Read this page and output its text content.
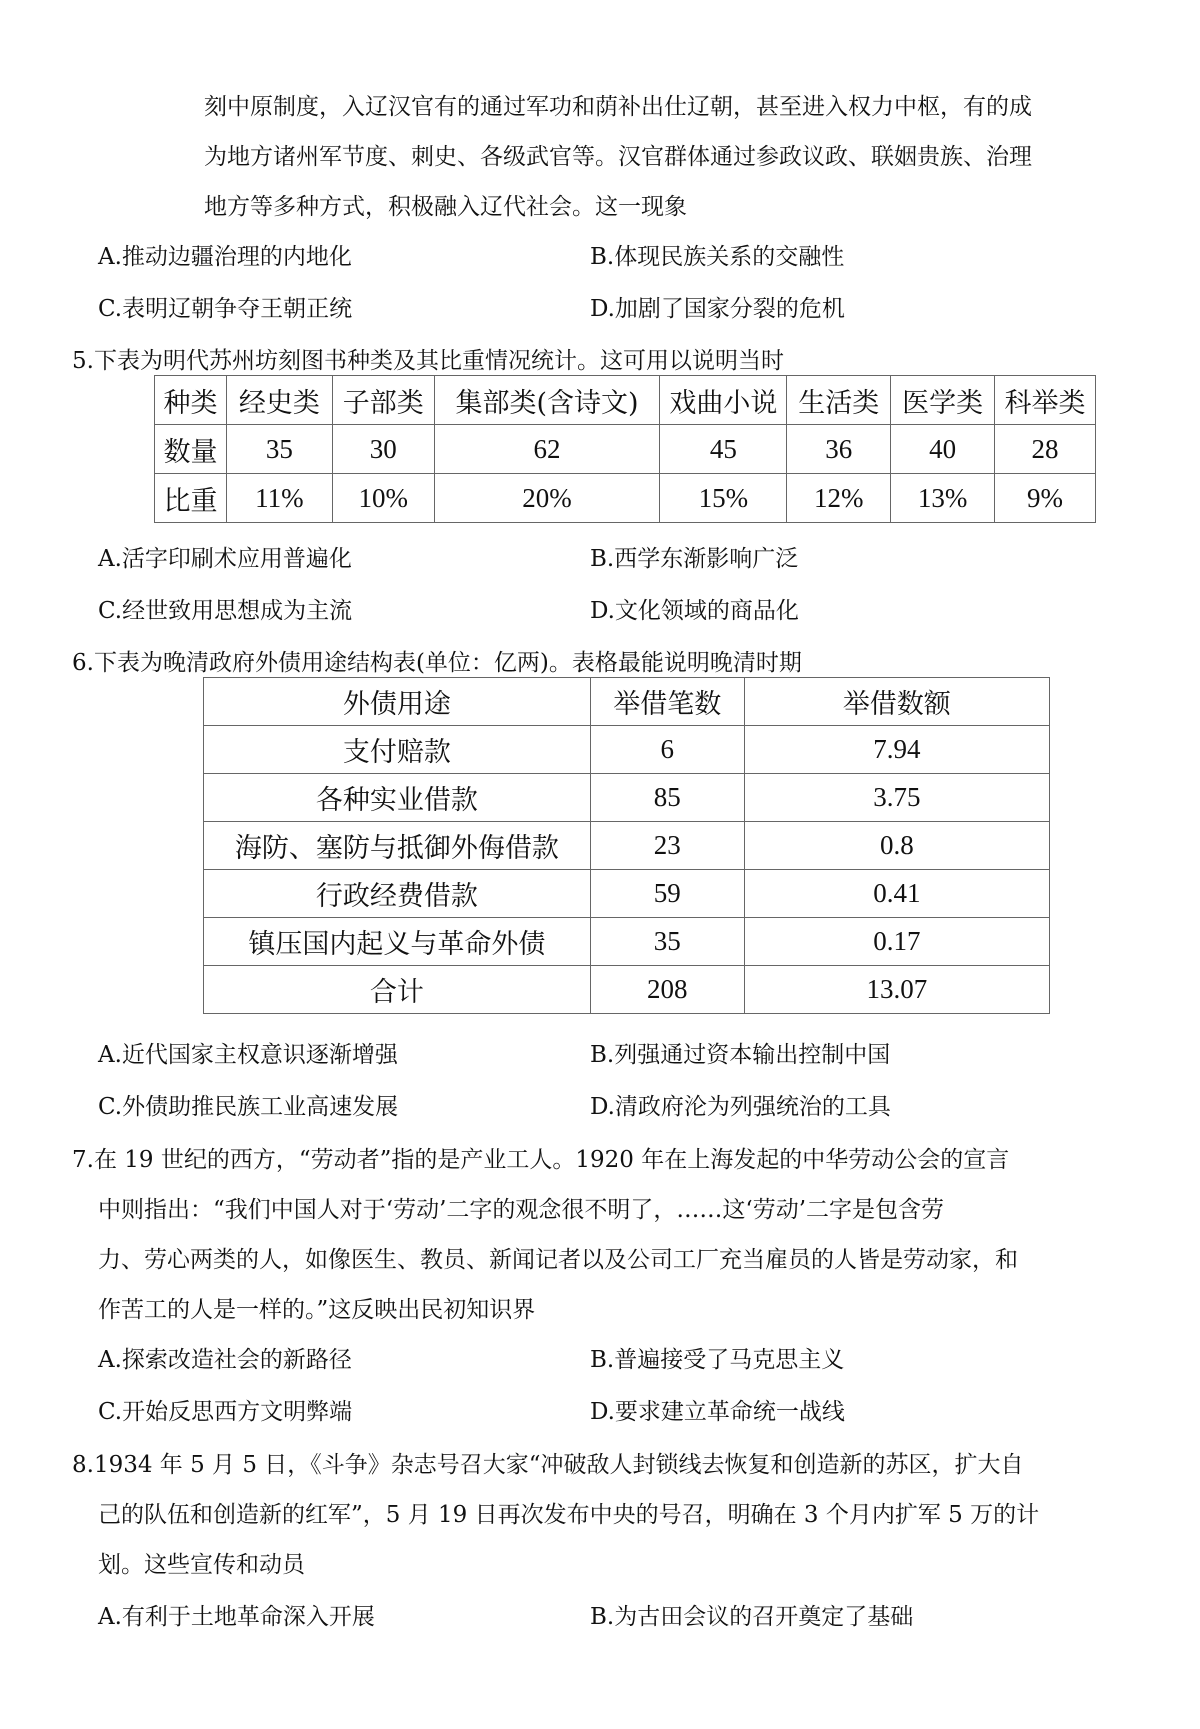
刻中原制度，入辽汉官有的通过军功和荫补出仕辽朝，甚至进入权力中枢，有的成
为地方诸州军节度、刺史、各级武官等。汉官群体通过参政议政、联姻贵族、治理
地方等多种方式，积极融入辽代社会。这一现象
A.推动边疆治理的内地化	B.体现民族关系的交融性
C.表明辽朝争夺王朝正统	D.加剧了国家分裂的危机
5.下表为明代苏州坊刻图书种类及其比重情况统计。这可用以说明当时
种类	经史类	子部类	集部类(含诗文)	戏曲小说	生活类	医学类	科举类
数量	35	30	62	45	36	40	28
比重	11%	10%	20%	15%	12%	13%	9%
A.活字印刷术应用普遍化	B.西学东渐影响广泛
C.经世致用思想成为主流	D.文化领域的商品化
6.下表为晚清政府外债用途结构表(单位：亿两)。表格最能说明晚清时期
外债用途	举借笔数	举借数额
支付赔款	6	7.94
各种实业借款	85	3.75
海防、塞防与抵御外侮借款	23	0.8
行政经费借款	59	0.41
镇压国内起义与革命外债	35	0.17
合计	208	13.07
A.近代国家主权意识逐渐增强	B.列强通过资本输出控制中国
C.外债助推民族工业高速发展	D.清政府沦为列强统治的工具
7.在 19 世纪的西方，“劳动者”指的是产业工人。1920 年在上海发起的中华劳动公会的宣言
中则指出：“我们中国人对于‘劳动’二字的观念很不明了，……这‘劳动’二字是包含劳
力、劳心两类的人，如像医生、教员、新闻记者以及公司工厂充当雇员的人皆是劳动家，和
作苦工的人是一样的。”这反映出民初知识界
A.探索改造社会的新路径	B.普遍接受了马克思主义
C.开始反思西方文明弊端	D.要求建立革命统一战线
8.1934 年 5 月 5 日，《斗争》杂志号召大家“冲破敌人封锁线去恢复和创造新的苏区，扩大自
己的队伍和创造新的红军”，5 月 19 日再次发布中央的号召，明确在 3 个月内扩军 5 万的计
划。这些宣传和动员
A.有利于土地革命深入开展	B.为古田会议的召开奠定了基础
